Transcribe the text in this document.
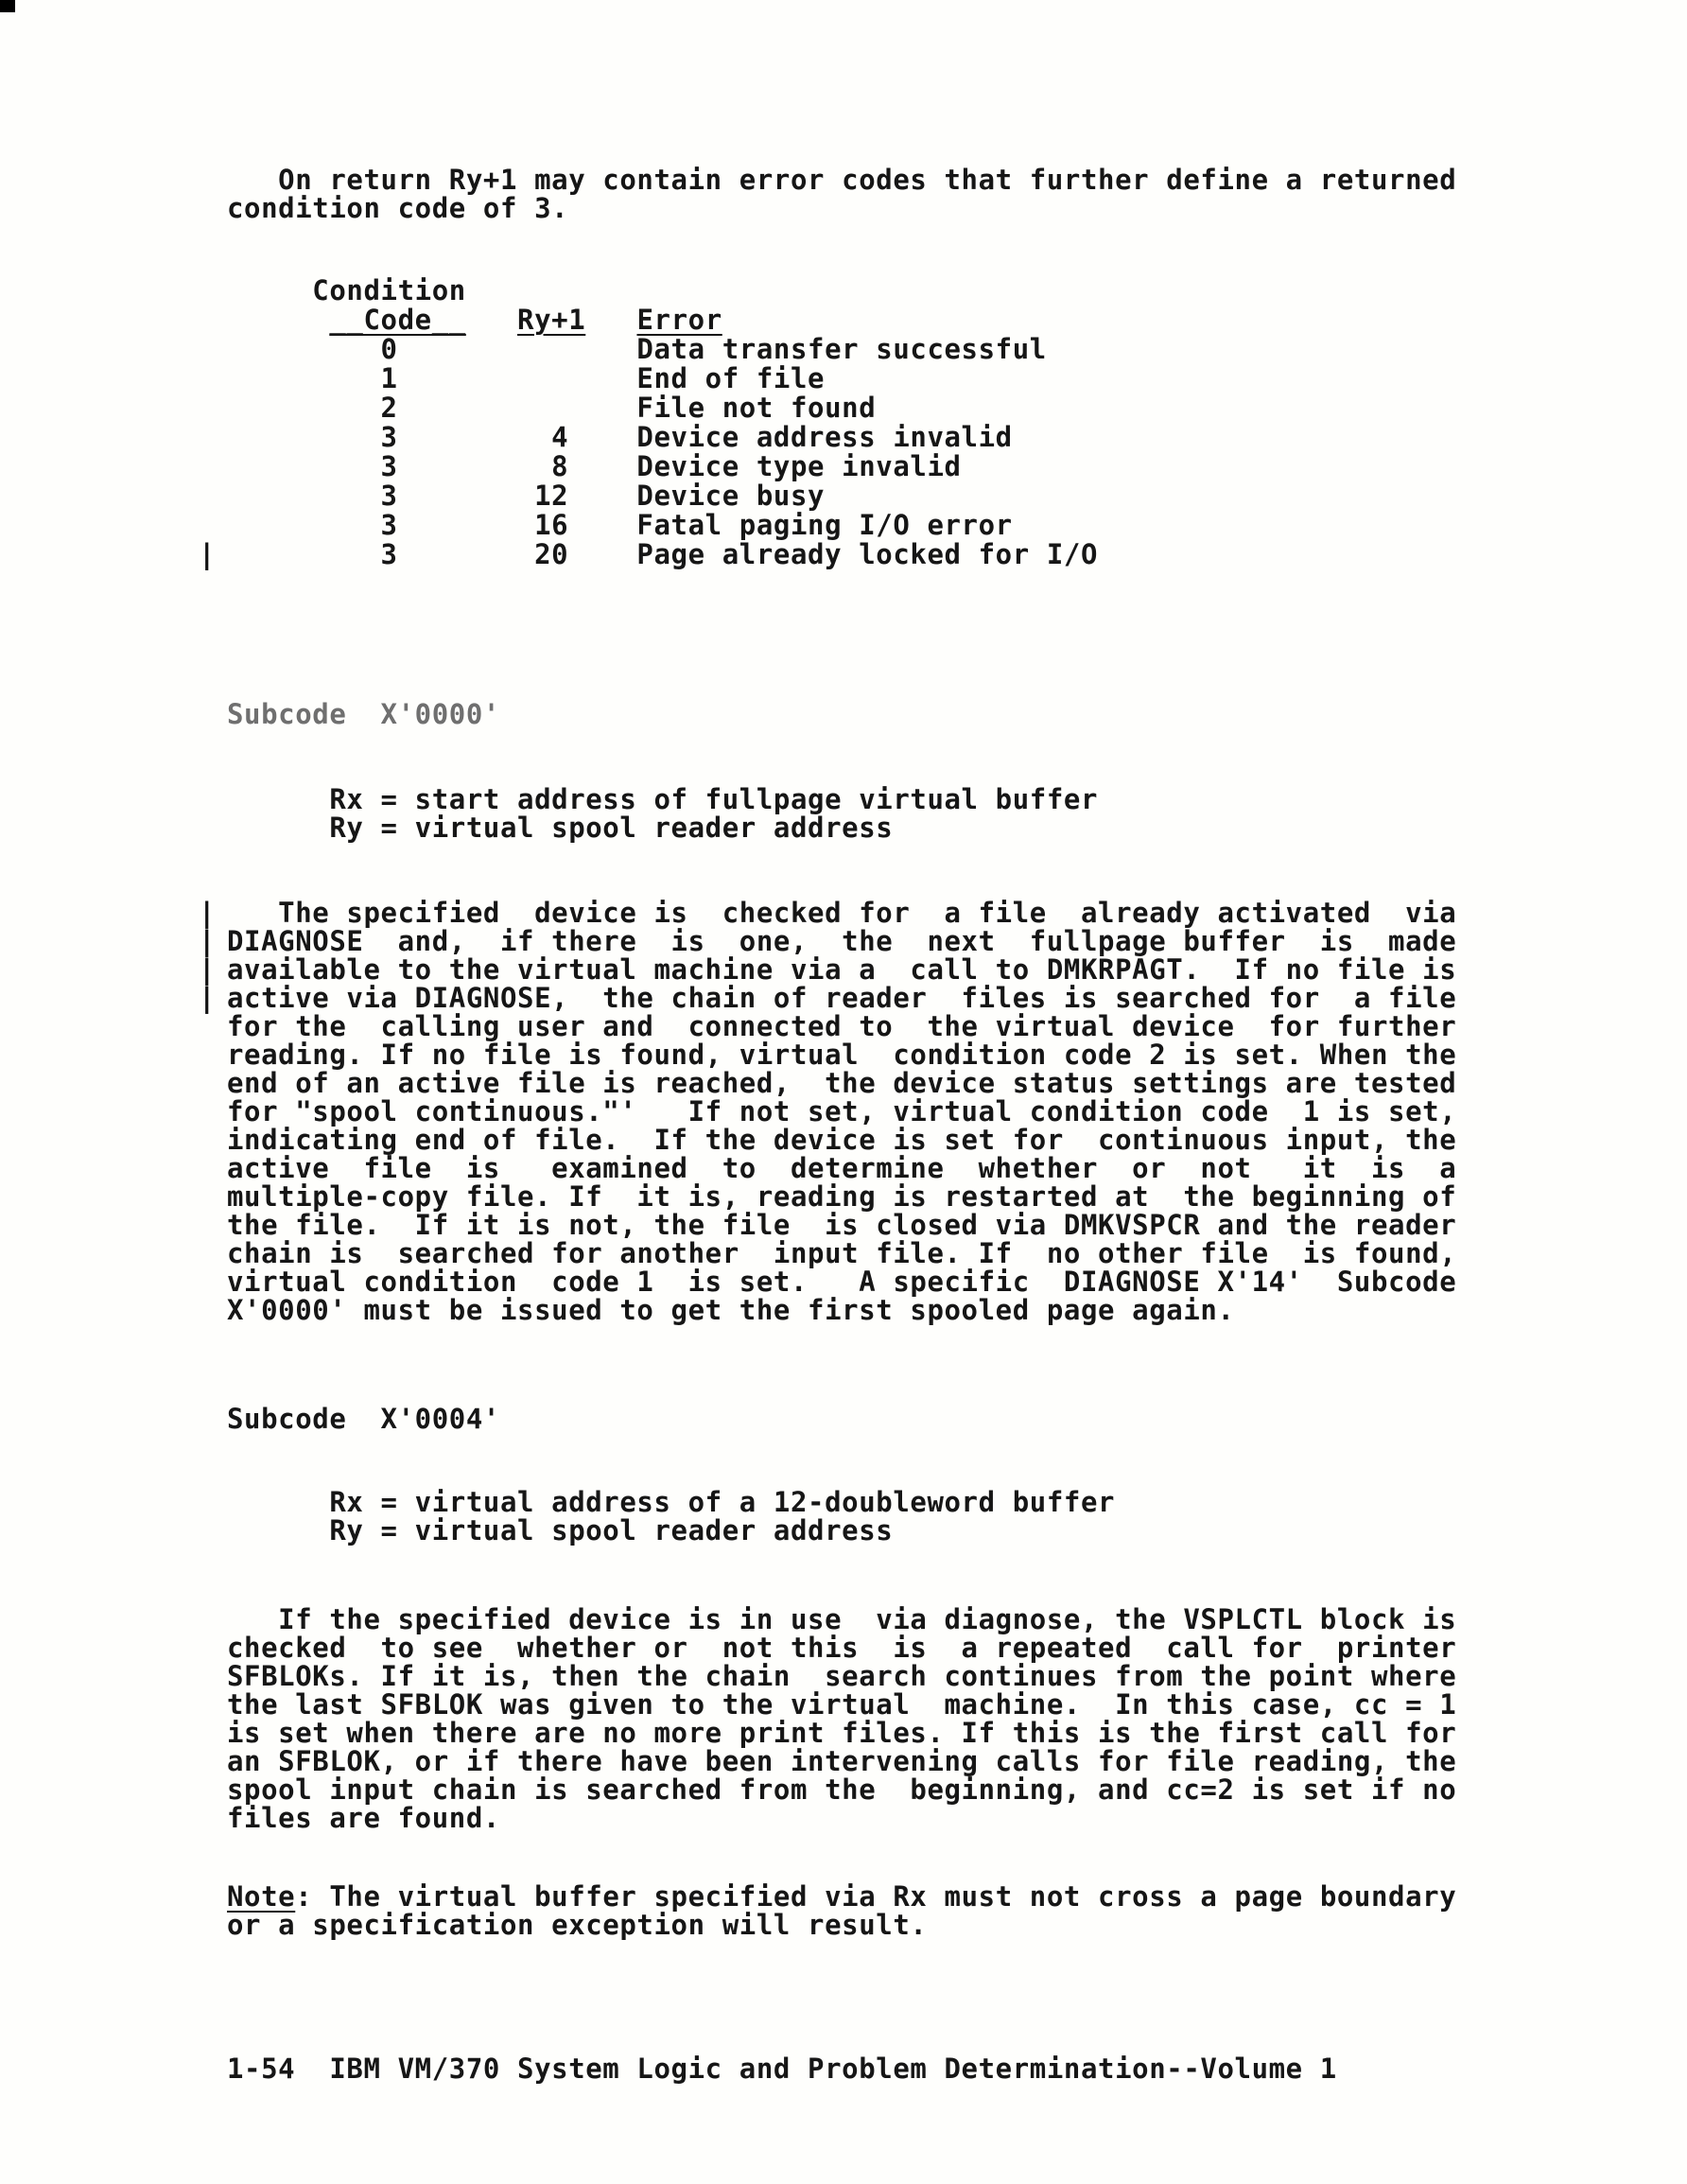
On return Ry+1 may contain error codes that further define a returned
condition code of 3.
Condition
__Code__ Ry+1 Error
0              Data transfer successful
1              End of file
2              File not found
3         4    Device address invalid
3         8    Device type invalid
3        12    Device busy
3        16    Fatal paging I/O error
3        20    Page already locked for I/O
|
Subcode  X'0000'
Rx = start address of fullpage virtual buffer
Ry = virtual spool reader address
The specified  device is  checked for  a file  already activated  via
DIAGNOSE  and,  if there  is  one,  the  next  fullpage buffer  is  made
available to the virtual machine via a  call to DMKRPAGT.  If no file is
active via DIAGNOSE,  the chain of reader  files is searched for  a file
for the  calling user and  connected to  the virtual device  for further
reading. If no file is found, virtual  condition code 2 is set. When the
end of an active file is reached,  the device status settings are tested
for "spool continuous."'   If not set, virtual condition code  1 is set,
indicating end of file.  If the device is set for  continuous input, the
active  file  is   examined  to  determine  whether  or  not   it  is  a
multiple-copy file. If  it is, reading is restarted at  the beginning of
the file.  If it is not, the file  is closed via DMKVSPCR and the reader
chain is  searched for another  input file. If  no other file  is found,
virtual condition  code 1  is set.   A specific  DIAGNOSE X'14'  Subcode
X'0000' must be issued to get the first spooled page again.
|
|
|
|
Subcode  X'0004'
Rx = virtual address of a 12-doubleword buffer
Ry = virtual spool reader address
If the specified device is in use  via diagnose, the VSPLCTL block is
checked  to see  whether or  not this  is  a repeated  call for  printer
SFBLOKs. If it is, then the chain  search continues from the point where
the last SFBLOK was given to the virtual  machine.  In this case, cc = 1
is set when there are no more print files. If this is the first call for
an SFBLOK, or if there have been intervening calls for file reading, the
spool input chain is searched from the  beginning, and cc=2 is set if no
files are found.
Note: The virtual buffer specified via Rx must not cross a page boundary
or a specification exception will result.
1-54  IBM VM/370 System Logic and Problem Determination--Volume 1
